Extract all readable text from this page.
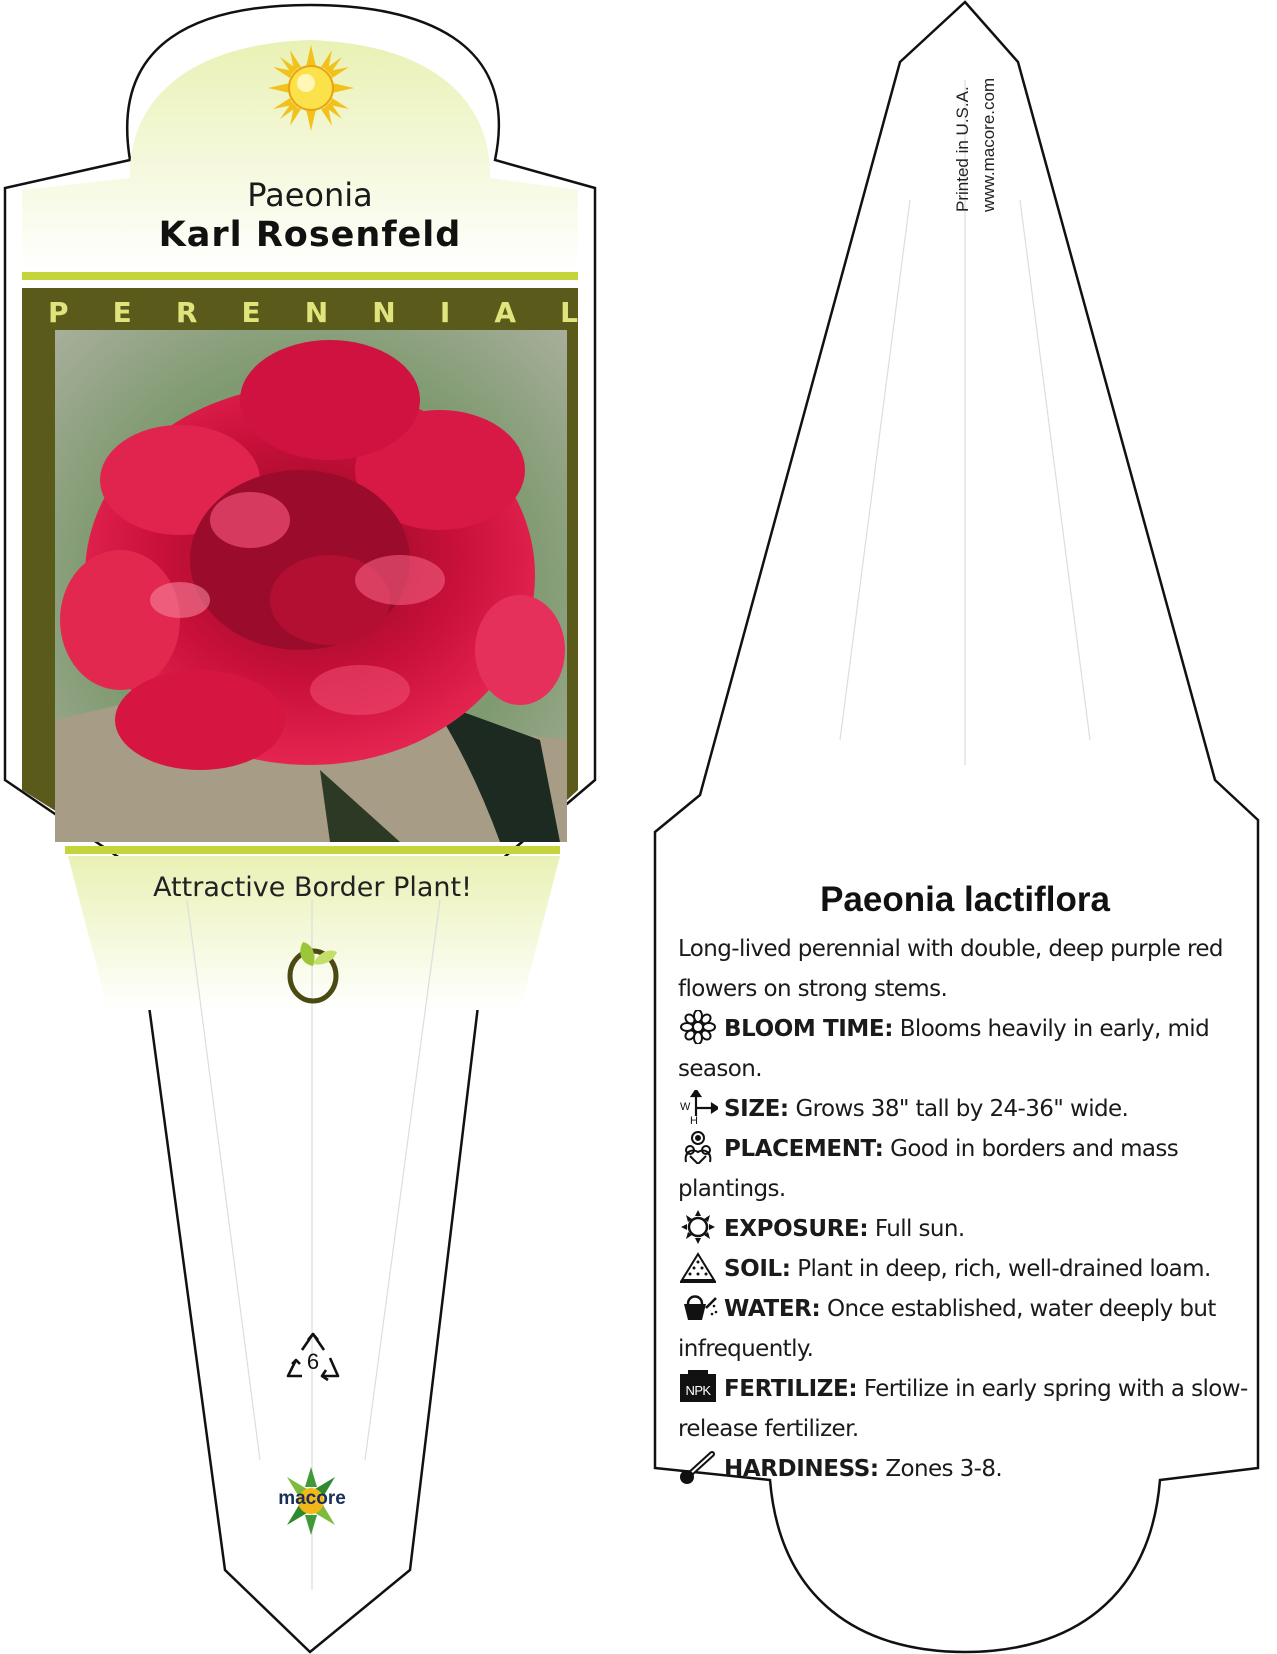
Paeonia
Karl Rosenfeld
P E R E N N I A L
Attractive Border Plant!
6
macore
Printed in U.S.A. www.macore.com
Paeonia lactiflora

Long-lived perennial with double, deep purple red flowers on strong stems.

BLOOM TIME: Blooms heavily in early, mid season.

W
H SIZE: Grows 38" tall by 24-36" wide.

PLACEMENT: Good in borders and mass plantings.

EXPOSURE: Full sun.

SOIL: Plant in deep, rich, well-drained loam.

WATER: Once established, water deeply but infrequently.

NPK FERTILIZE: Fertilize in early spring with a slow-release fertilizer.

HARDINESS: Zones 3-8.
